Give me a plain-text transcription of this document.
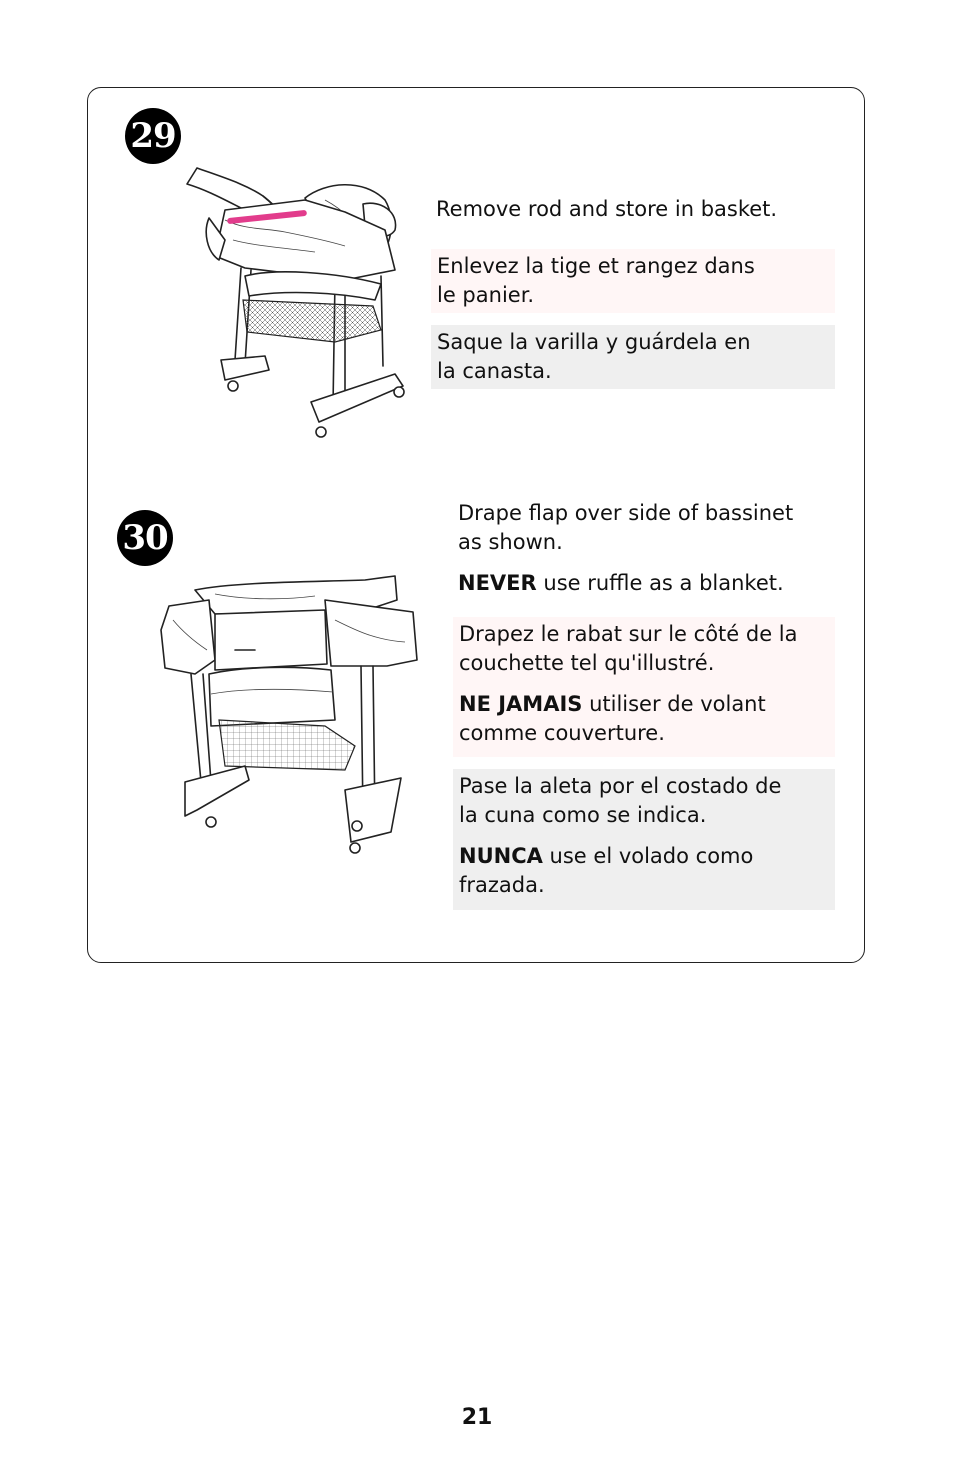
29

Remove rod and store in basket.

Enlevez la tige et rangez dans le panier.

Saque la varilla y guárdela en la canasta.

30

Drape flap over side of bassinet as shown.

NEVER use ruffle as a blanket.

Drapez le rabat sur le côté de la couchette tel qu'illustré.

NE JAMAIS utiliser de volant comme couverture.

Pase la aleta por el costado de la cuna como se indica.

NUNCA use el volado como frazada.

21
